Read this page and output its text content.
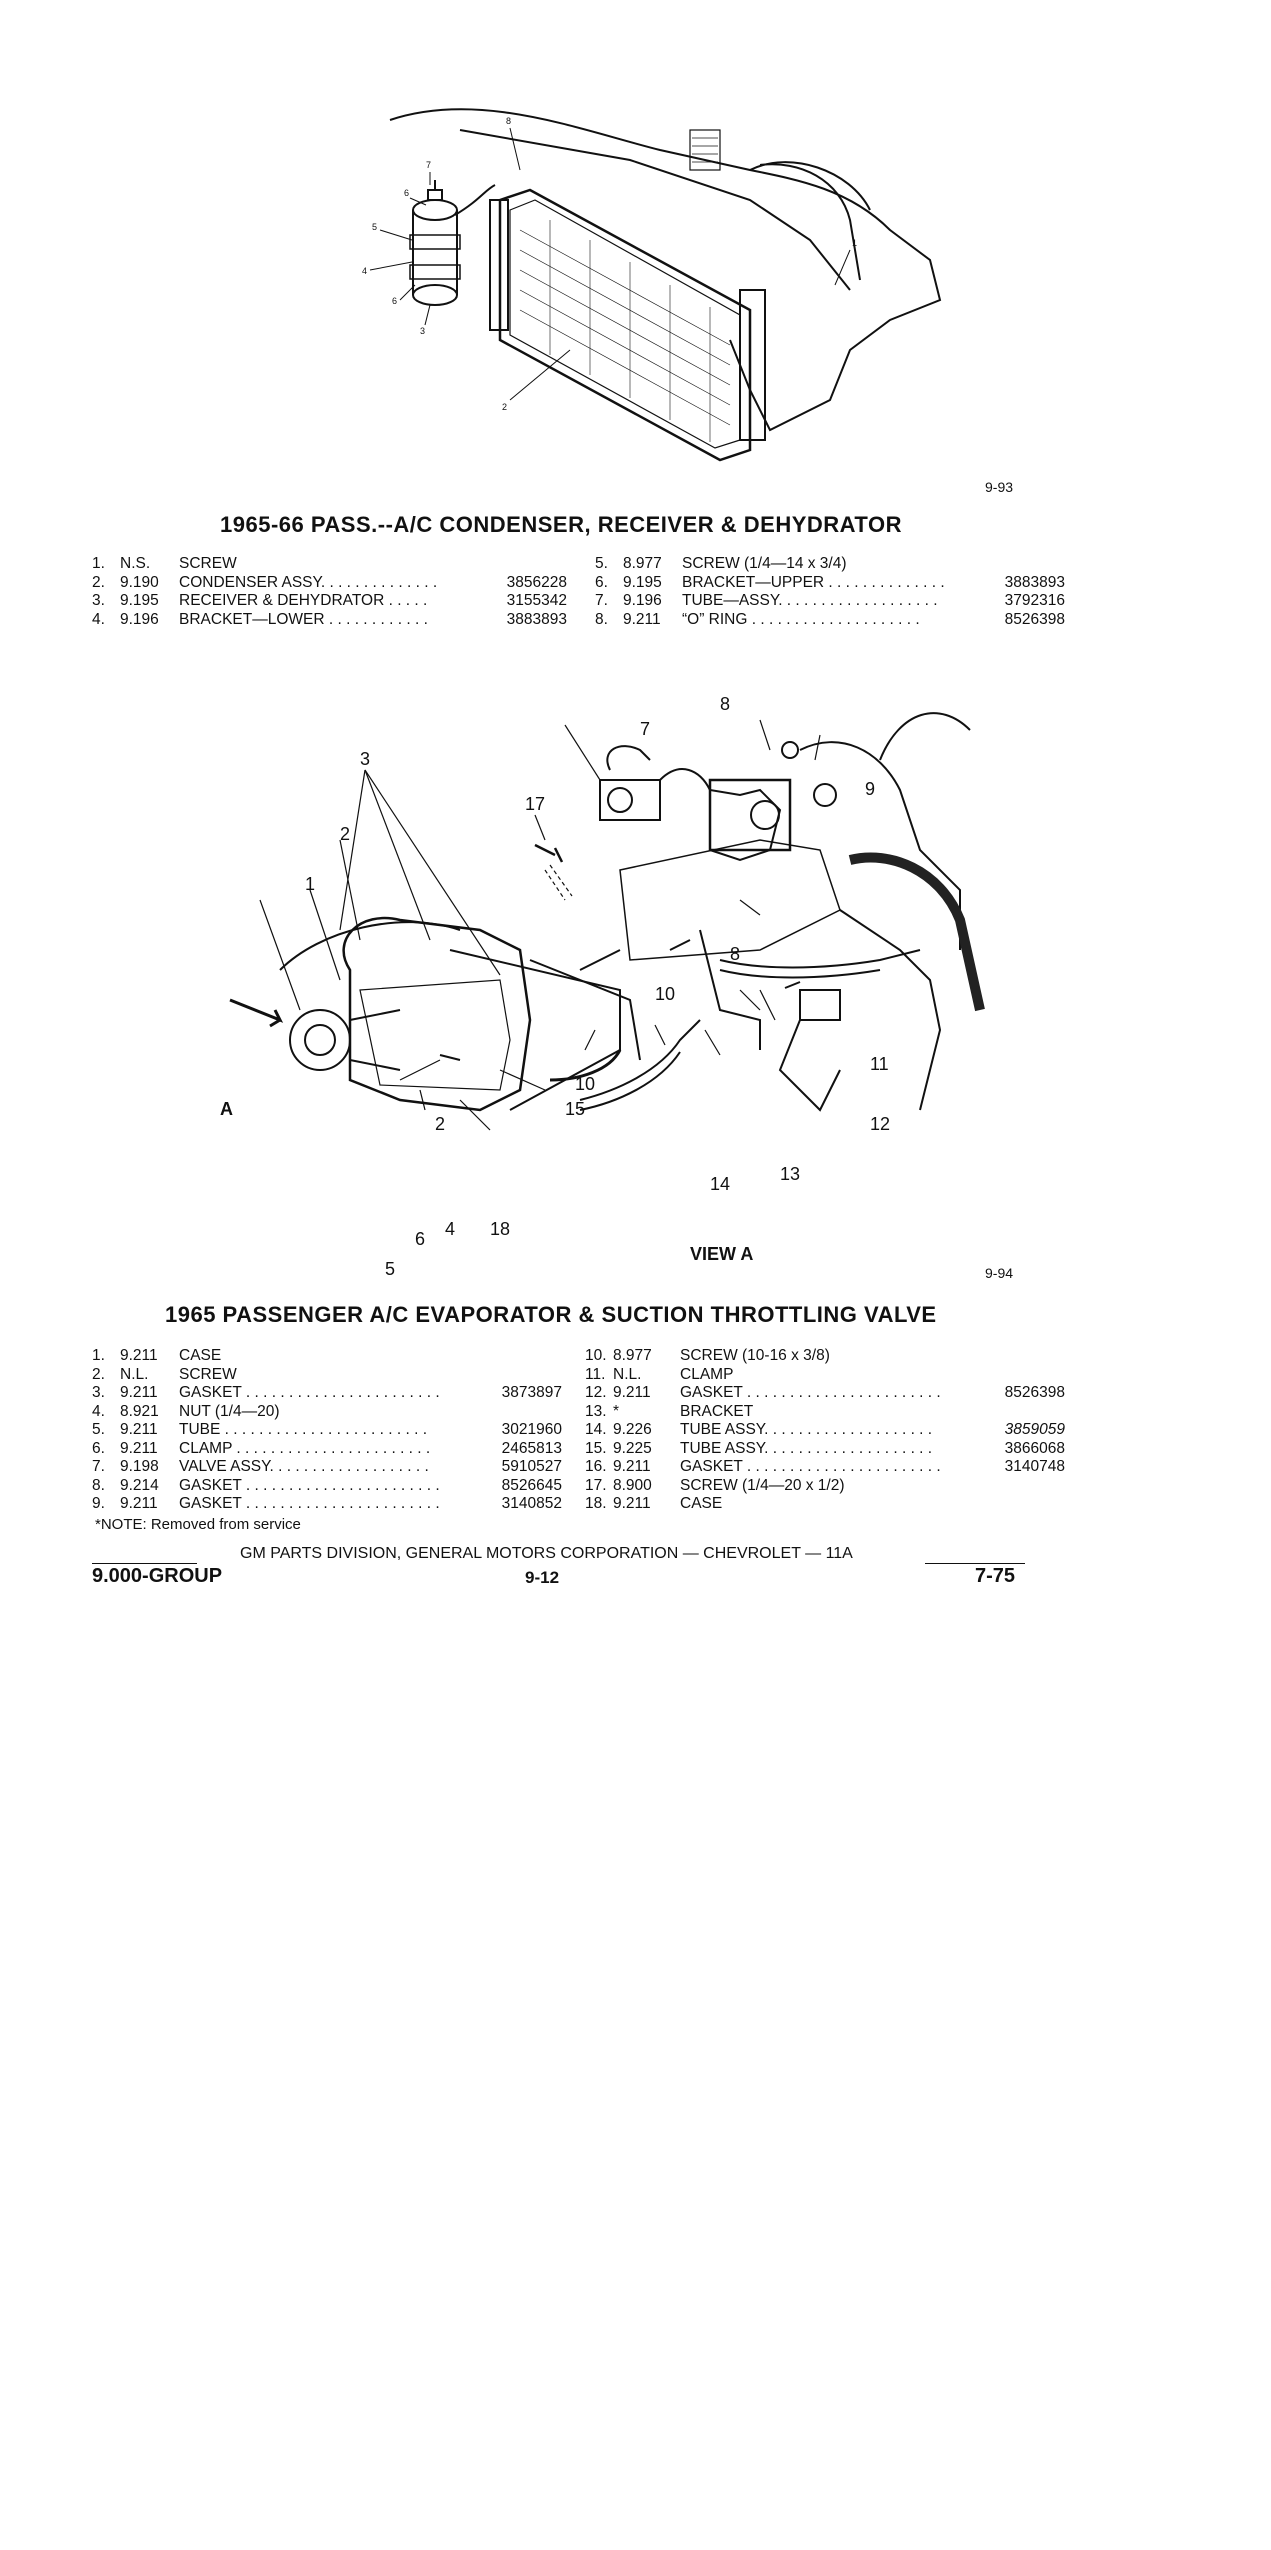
7
6
5
4
6
3
8
2
1
9-93
1965-66 PASS.--A/C CONDENSER, RECEIVER & DEHYDRATOR
1. N.S. SCREW
2. 9.190 CONDENSER ASSY. . . . . . . . . . . . . .	3856228
3. 9.195 RECEIVER & DEHYDRATOR . . . . .	3155342
4. 9.196 BRACKET—LOWER . . . . . . . . . . . .	3883893
5. 8.977 SCREW (1/4—14 x 3/4)
6. 9.195 BRACKET—UPPER . . . . . . . . . . . . . .	3883893
7. 9.196 TUBE—ASSY. . . . . . . . . . . . . . . . . . .	3792316
8. 9.211 “O” RING . . . . . . . . . . . . . . . . . . . .	8526398
8
7
9
17
3
2
1
8
10
11
10
15
2	12
13
14
6 4 18
5
A
VIEW A
9-94
1965 PASSENGER A/C EVAPORATOR & SUCTION THROTTLING VALVE
1. 9.211 CASE
2. N.L. SCREW
3. 9.211 GASKET . . . . . . . . . . . . . . . . . . . . . . .	3873897
4. 8.921 NUT (1/4—20)
5. 9.211 TUBE . . . . . . . . . . . . . . . . . . . . . . . .	3021960
6. 9.211 CLAMP . . . . . . . . . . . . . . . . . . . . . . .	2465813
7. 9.198 VALVE ASSY. . . . . . . . . . . . . . . . . . .	5910527
8. 9.214 GASKET . . . . . . . . . . . . . . . . . . . . . . .	8526645
9. 9.211 GASKET . . . . . . . . . . . . . . . . . . . . . . .	3140852
*NOTE: Removed from service
10. 8.977 SCREW (10-16 x 3/8)
11. N.L. CLAMP
12. 9.211 GASKET . . . . . . . . . . . . . . . . . . . . . . .	8526398
13. *	BRACKET
14. 9.226 TUBE ASSY. . . . . . . . . . . . . . . . . . . .	3859059
15. 9.225 TUBE ASSY. . . . . . . . . . . . . . . . . . . .	3866068
16. 9.211 GASKET . . . . . . . . . . . . . . . . . . . . . . .	3140748
17. 8.900 SCREW (1/4—20 x 1/2)
18. 9.211 CASE
GM PARTS DIVISION, GENERAL MOTORS CORPORATION — CHEVROLET — 11A
9.000-GROUP	9-12	7-75
